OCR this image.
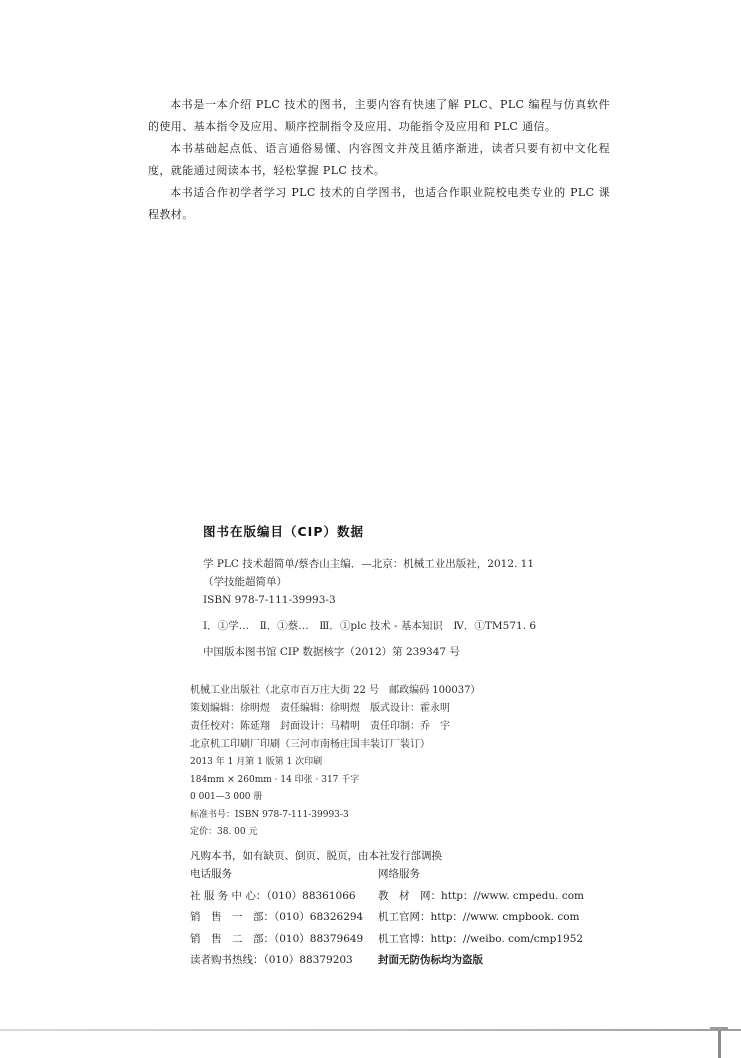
本书是一本介绍 PLC 技术的图书，主要内容有快速了解 PLC、PLC 编程与仿真软件的使用、基本指令及应用、顺序控制指令及应用、功能指令及应用和 PLC 通信。

本书基础起点低、语言通俗易懂、内容图文并茂且循序渐进，读者只要有初中文化程度，就能通过阅读本书，轻松掌握 PLC 技术。

本书适合作初学者学习 PLC 技术的自学图书，也适合作职业院校电类专业的 PLC 课程教材。

图书在版编目（CIP）数据
学 PLC 技术超简单/蔡杏山主编．—北京：机械工业出版社，2012. 11
（学技能超简单）
ISBN 978-7-111-39993-3
Ⅰ．①学…　Ⅱ．①蔡…　Ⅲ．①plc 技术 - 基本知识　Ⅳ．①TM571. 6
中国版本图书馆 CIP 数据核字（2012）第 239347 号
机械工业出版社（北京市百万庄大街 22 号　邮政编码 100037）
策划编辑：徐明煜　责任编辑：徐明煜　版式设计：霍永明
责任校对：陈延翔　封面设计：马精明　责任印制：乔　宇
北京机工印刷厂印刷（三河市南杨庄国丰装订厂装订）
2013 年 1 月第 1 版第 1 次印刷
184mm × 260mm · 14 印张 · 317 千字
0 001—3 000 册
标准书号：ISBN 978-7-111-39993-3
定价：38. 00 元
凡购本书，如有缺页、倒页、脱页，由本社发行部调换
电话服务	网络服务
社 服 务 中 心：（010）88361066	教　材　网：http：//www. cmpedu. com
销　售　一　部：（010）68326294	机工官网：http：//www. cmpbook. com
销　售　二　部：（010）88379649	机工官博：http：//weibo. com/cmp1952
读者购书热线：（010）88379203	封面无防伪标均为盗版
